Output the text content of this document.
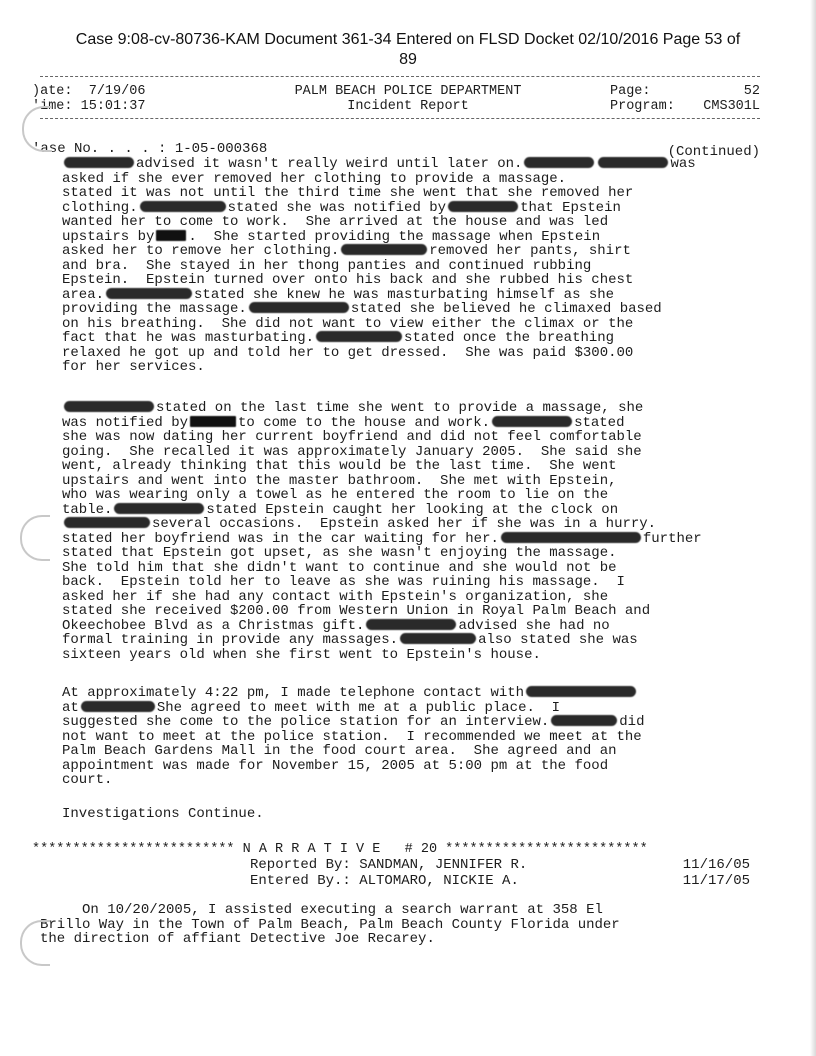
Case 9:08-cv-80736-KAM Document 361-34 Entered on FLSD Docket 02/10/2016 Page 53 of
89
)ate: 7/19/06
'ime: 15:01:37
PALM BEACH POLICE DEPARTMENT
Incident Report
Page:	52
Program: CMS301L
'ase No. . . . : 1-05-000368	(Continued)
advised it wasn't really weird until later on.	was
asked if she ever removed her clothing to provide a massage.
stated it was not until the third time she went that she removed her
clothing.	stated she was notified by	that Epstein
wanted her to come to work.  She arrived at the house and was led
upstairs by .  She started providing the massage when Epstein
asked her to remove her clothing.	removed her pants, shirt
and bra.  She stayed in her thong panties and continued rubbing
Epstein.  Epstein turned over onto his back and she rubbed his chest
area.	stated she knew he was masturbating himself as she
providing the massage.	stated she believed he climaxed based
on his breathing.  She did not want to view either the climax or the
fact that he was masturbating.	stated once the breathing
relaxed he got up and told her to get dressed.  She was paid $300.00
for her services.
stated on the last time she went to provide a massage, she
was notified by	to come to the house and work.	stated
she was now dating her current boyfriend and did not feel comfortable
going.  She recalled it was approximately January 2005.  She said she
went, already thinking that this would be the last time.  She went
upstairs and went into the master bathroom.  She met with Epstein,
who was wearing only a towel as he entered the room to lie on the
table.	stated Epstein caught her looking at the clock on
several occasions.  Epstein asked her if she was in a hurry.
stated her boyfriend was in the car waiting for her.	further
stated that Epstein got upset, as she wasn't enjoying the massage.
She told him that she didn't want to continue and she would not be
back.  Epstein told her to leave as she was ruining his massage.  I
asked her if she had any contact with Epstein's organization, she
stated she received $200.00 from Western Union in Royal Palm Beach and
Okeechobee Blvd as a Christmas gift.	advised she had no
formal training in provide any massages.	also stated she was
sixteen years old when she first went to Epstein's house.
At approximately 4:22 pm, I made telephone contact with
at	She agreed to meet with me at a public place.  I
suggested she come to the police station for an interview.	did
not want to meet at the police station.  I recommended we meet at the
Palm Beach Gardens Mall in the food court area.  She agreed and an
appointment was made for November 15, 2005 at 5:00 pm at the food
court.
Investigations Continue.
************************* N A R R A T I V E   # 20 *************************
Reported By: SANDMAN, JENNIFER R.	11/16/05
Entered By.: ALTOMARO, NICKIE A.	11/17/05
On 10/20/2005, I assisted executing a search warrant at 358 El
Brillo Way in the Town of Palm Beach, Palm Beach County Florida under
the direction of affiant Detective Joe Recarey.
